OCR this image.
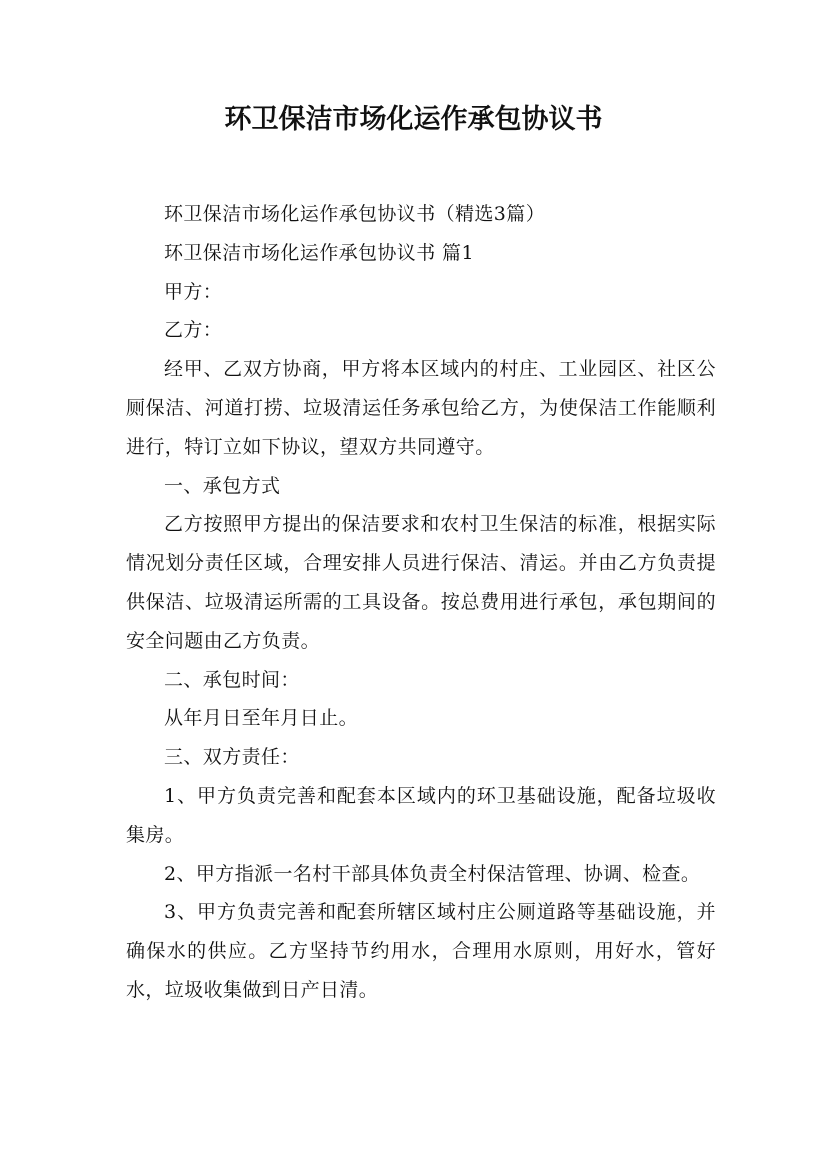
环卫保洁市场化运作承包协议书

环卫保洁市场化运作承包协议书（精选3篇）

环卫保洁市场化运作承包协议书 篇1

甲方：

乙方：

经甲、乙双方协商，甲方将本区域内的村庄、工业园区、社区公厕保洁、河道打捞、垃圾清运任务承包给乙方，为使保洁工作能顺利进行，特订立如下协议，望双方共同遵守。

一、承包方式

乙方按照甲方提出的保洁要求和农村卫生保洁的标准，根据实际情况划分责任区域，合理安排人员进行保洁、清运。并由乙方负责提供保洁、垃圾清运所需的工具设备。按总费用进行承包，承包期间的安全问题由乙方负责。

二、承包时间：

从年月日至年月日止。

三、双方责任：

1、甲方负责完善和配套本区域内的环卫基础设施，配备垃圾收集房。

2、甲方指派一名村干部具体负责全村保洁管理、协调、检查。

3、甲方负责完善和配套所辖区域村庄公厕道路等基础设施，并确保水的供应。乙方坚持节约用水，合理用水原则，用好水，管好水，垃圾收集做到日产日清。
